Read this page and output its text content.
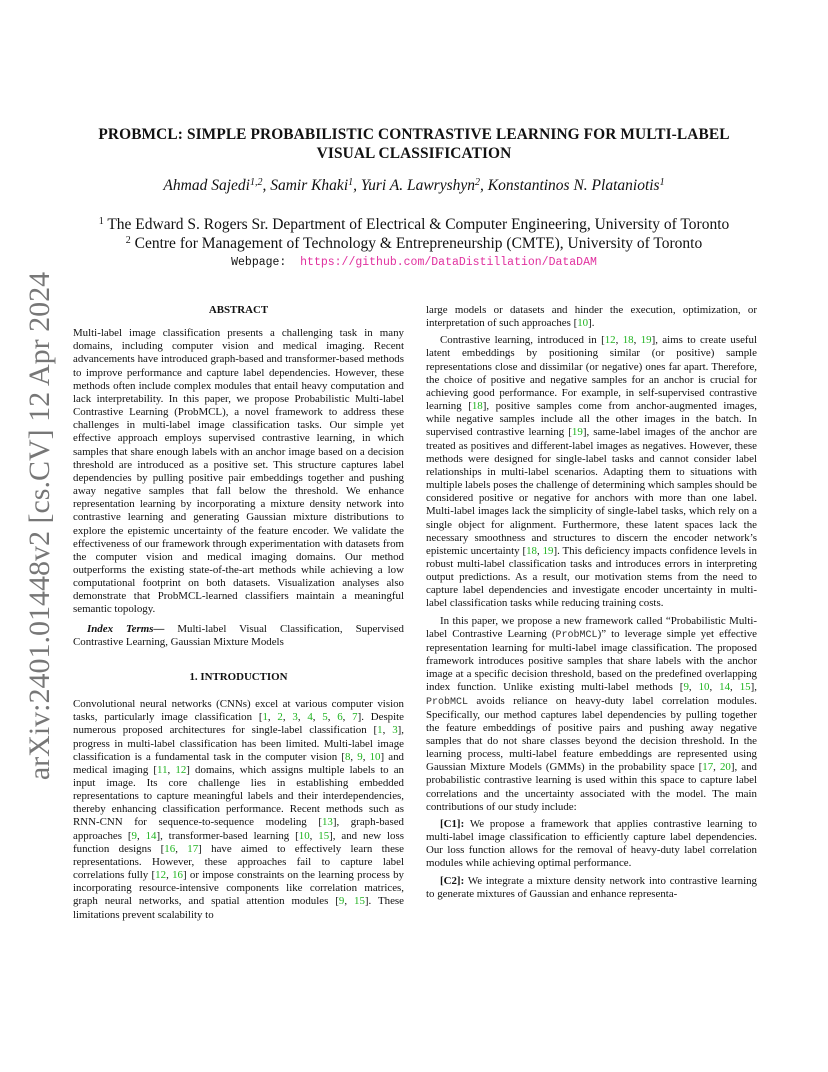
arXiv:2401.01448v2 [cs.CV] 12 Apr 2024
PROBMCL: SIMPLE PROBABILISTIC CONTRASTIVE LEARNING FOR MULTI-LABEL
VISUAL CLASSIFICATION
Ahmad Sajedi$^{1,2}$, Samir Khaki$^1$, Yuri A. Lawryshyn$^2$, Konstantinos N. Plataniotis$^1$
$^1$ The Edward S. Rogers Sr. Department of Electrical & Computer Engineering, University of Toronto
$^2$ Centre for Management of Technology & Entrepreneurship (CMTE), University of Toronto
Webpage: https://github.com/DataDistillation/DataDAM

ABSTRACT

Multi-label image classification presents a challenging task in many domains, including computer vision and medical imaging. Recent advancements have introduced graph-based and transformer-based methods to improve performance and capture label dependencies. However, these methods often include complex modules that entail heavy computation and lack interpretability. In this paper, we propose Probabilistic Multi-label Contrastive Learning (ProbMCL), a novel framework to address these challenges in multi-label image classification tasks. Our simple yet effective approach employs supervised contrastive learning, in which samples that share enough labels with an anchor image based on a decision threshold are introduced as a positive set. This structure captures label dependencies by pulling positive pair embeddings together and pushing away negative samples that fall below the threshold. We enhance representation learning by incorporating a mixture density network into contrastive learning and generating Gaussian mixture distributions to explore the epistemic uncertainty of the feature encoder. We validate the effectiveness of our framework through experimentation with datasets from the computer vision and medical imaging domains. Our method outperforms the existing state-of-the-art methods while achieving a low computational footprint on both datasets. Visualization analyses also demonstrate that ProbMCL-learned classifiers maintain a meaningful semantic topology.

Index Terms— Multi-label Visual Classification, Supervised Contrastive Learning, Gaussian Mixture Models

1. INTRODUCTION

Convolutional neural networks (CNNs) excel at various computer vision tasks, particularly image classification [1, 2, 3, 4, 5, 6, 7]. Despite numerous proposed architectures for single-label classification [1, 3], progress in multi-label classification has been limited. Multi-label image classification is a fundamental task in the computer vision [8, 9, 10] and medical imaging [11, 12] domains, which assigns multiple labels to an input image. Its core challenge lies in establishing embedded representations to capture meaningful labels and their interdependencies, thereby enhancing classification performance. Recent methods such as RNN-CNN for sequence-to-sequence modeling [13], graph-based approaches [9, 14], transformer-based learning [10, 15], and new loss function designs [16, 17] have aimed to effectively learn these representations. However, these approaches fail to capture label correlations fully [12, 16] or impose constraints on the learning process by incorporating resource-intensive components like correlation matrices, graph neural networks, and spatial attention modules [9, 15]. These limitations prevent scalability to

large models or datasets and hinder the execution, optimization, or interpretation of such approaches [10].

Contrastive learning, introduced in [12, 18, 19], aims to create useful latent embeddings by positioning similar (or positive) sample representations close and dissimilar (or negative) ones far apart. Therefore, the choice of positive and negative samples for an anchor is crucial for achieving good performance. For example, in self-supervised contrastive learning [18], positive samples come from anchor-augmented images, while negative samples include all the other images in the batch. In supervised contrastive learning [19], same-label images of the anchor are treated as positives and different-label images as negatives. However, these methods were designed for single-label tasks and cannot consider label relationships in multi-label scenarios. Adapting them to situations with multiple labels poses the challenge of determining which samples should be considered positive or negative for anchors with more than one label. Multi-label images lack the simplicity of single-label tasks, which rely on a single object for alignment. Furthermore, these latent spaces lack the necessary smoothness and structures to discern the encoder network’s epistemic uncertainty [18, 19]. This deficiency impacts confidence levels in robust multi-label classification tasks and introduces errors in interpreting output predictions. As a result, our motivation stems from the need to capture label dependencies and investigate encoder uncertainty in multi-label classification tasks while reducing training costs.

In this paper, we propose a new framework called “Probabilistic Multi-label Contrastive Learning (ProbMCL)” to leverage simple yet effective representation learning for multi-label image classification. The proposed framework introduces positive samples that share labels with the anchor image at a specific decision threshold, based on the predefined overlapping index function. Unlike existing multi-label methods [9, 10, 14, 15], ProbMCL avoids reliance on heavy-duty label correlation modules. Specifically, our method captures label dependencies by pulling together the feature embeddings of positive pairs and pushing away negative samples that do not share classes beyond the decision threshold. In the learning process, multi-label feature embeddings are represented using Gaussian Mixture Models (GMMs) in the probability space [17, 20], and probabilistic contrastive learning is used within this space to capture label correlations and the uncertainty associated with the model. The main contributions of our study include:

[C1]: We propose a framework that applies contrastive learning to multi-label image classification to efficiently capture label dependencies. Our loss function allows for the removal of heavy-duty label correlation modules while achieving optimal performance.

[C2]: We integrate a mixture density network into contrastive learning to generate mixtures of Gaussian and enhance representa-
